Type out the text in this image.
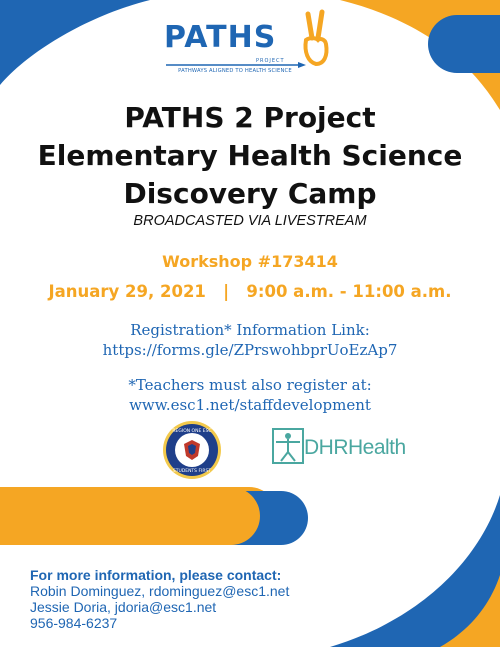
PATHS
PROJECT
PATHWAYS ALIGNED TO HEALTH SCIENCE
PATHS 2 Project
Elementary Health Science
Discovery Camp
BROADCASTED VIA LIVESTREAM
Workshop #173414
January 29, 2021   |   9:00 a.m. - 11:00 a.m.
Registration* Information Link:
https://forms.gle/ZPrswohbprUoEzAp7
*Teachers must also register at:
www.esc1.net/staffdevelopment
REGION ONE ESC
STUDENTS FIRST
DHRHealth
For more information, please contact:
Robin Dominguez, rdominguez@esc1.net
Jessie Doria, jdoria@esc1.net
956-984-6237
